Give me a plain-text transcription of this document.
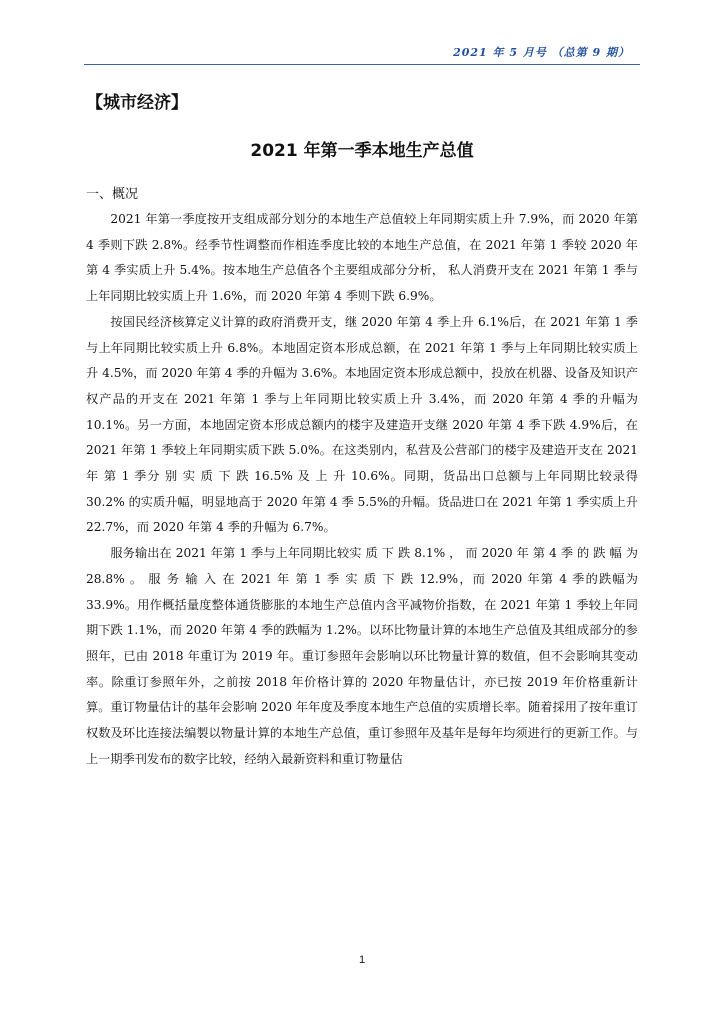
2021 年 5 月号 （总第 9 期）
【城市经济】
2021 年第一季本地生产总值
一、概况

2021 年第一季度按开支组成部分划分的本地生产总值较上年同期实质上升 7.9%，而 2020 年第 4 季则下跌 2.8%。经季节性调整而作相连季度比较的本地生产总值，在 2021 年第 1 季较 2020 年第 4 季实质上升 5.4%。按本地生产总值各个主要组成部分分析， 私人消费开支在 2021 年第 1 季与上年同期比较实质上升 1.6%，而 2020 年第 4 季则下跌 6.9%。

按国民经济核算定义计算的政府消费开支，继 2020 年第 4 季上升 6.1%后，在 2021 年第 1 季与上年同期比较实质上升 6.8%。本地固定资本形成总额，在 2021 年第 1 季与上年同期比较实质上升 4.5%，而 2020 年第 4 季的升幅为 3.6%。本地固定资本形成总额中，投放在机器、设备及知识产权产品的开支在 2021 年第 1 季与上年同期比较实质上升 3.4%，而 2020 年第 4 季的升幅为 10.1%。另一方面，本地固定资本形成总额内的楼宇及建造开支继 2020 年第 4 季下跌 4.9%后，在 2021 年第 1 季较上年同期实质下跌 5.0%。在这类别内，私营及公营部门的楼宇及建造开支在 2021 年 第 1 季分 别 实 质 下 跌 16.5% 及 上 升 10.6%。同期，货品出口总额与上年同期比较录得 30.2% 的实质升幅，明显地高于 2020 年第 4 季 5.5%的升幅。货品进口在 2021 年第 1 季实质上升 22.7%，而 2020 年第 4 季的升幅为 6.7%。

服务输出在 2021 年第 1 季与上年同期比较实 质 下 跌 8.1% ， 而 2020 年 第 4 季 的 跌 幅 为 28.8% 。 服 务 输 入 在 2021 年 第 1 季 实 质 下 跌 12.9%，而 2020 年第 4 季的跌幅为 33.9%。用作概括量度整体通货膨胀的本地生产总值内含平减物价指数，在 2021 年第 1 季较上年同期下跌 1.1%，而 2020 年第 4 季的跌幅为 1.2%。以环比物量计算的本地生产总值及其组成部分的参照年，已由 2018 年重订为 2019 年。重订参照年会影响以环比物量计算的数值，但不会影响其变动率。除重订参照年外，之前按 2018 年价格计算的 2020 年物量估计，亦已按 2019 年价格重新计算。重订物量估计的基年会影响 2020 年年度及季度本地生产总值的实质增长率。随着採用了按年重订权数及环比连接法编製以物量计算的本地生产总值，重订参照年及基年是每年均须进行的更新工作。与上一期季刊发布的数字比较，经纳入最新资料和重订物量估

1
